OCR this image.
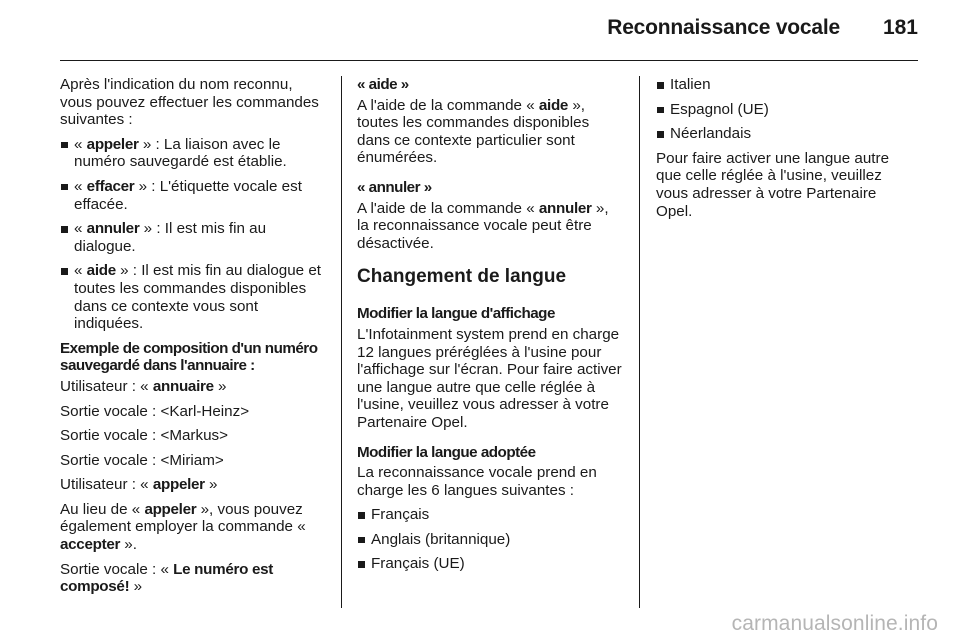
Reconnaissance vocale 181

Après l'indication du nom reconnu, vous pouvez effectuer les commandes suivantes :

« appeler » : La liaison avec le numéro sauvegardé est établie.
« effacer » : L'étiquette vocale est effacée.
« annuler » : Il est mis fin au dialogue.
« aide » : Il est mis fin au dialogue et toutes les commandes disponibles dans ce contexte vous sont indiquées.

Exemple de composition d'un numéro sauvegardé dans l'annuaire :

Utilisateur : « annuaire »

Sortie vocale : <Karl-Heinz>

Sortie vocale : <Markus>

Sortie vocale : <Miriam>

Utilisateur : « appeler »

Au lieu de « appeler », vous pouvez également employer la commande « accepter ».

Sortie vocale : « Le numéro est composé! »

« aide »

A l'aide de la commande « aide », toutes les commandes disponibles dans ce contexte particulier sont énumérées.

« annuler »

A l'aide de la commande « annuler », la reconnaissance vocale peut être désactivée.

Changement de langue

Modifier la langue d'affichage

L'Infotainment system prend en charge 12 langues préréglées à l'usine pour l'affichage sur l'écran. Pour faire activer une langue autre que celle réglée à l'usine, veuillez vous adresser à votre Partenaire Opel.

Modifier la langue adoptée

La reconnaissance vocale prend en charge les 6 langues suivantes :

Français
Anglais (britannique)
Français (UE)
Italien
Espagnol (UE)
Néerlandais

Pour faire activer une langue autre que celle réglée à l'usine, veuillez vous adresser à votre Partenaire Opel.

carmanualsonline.info
